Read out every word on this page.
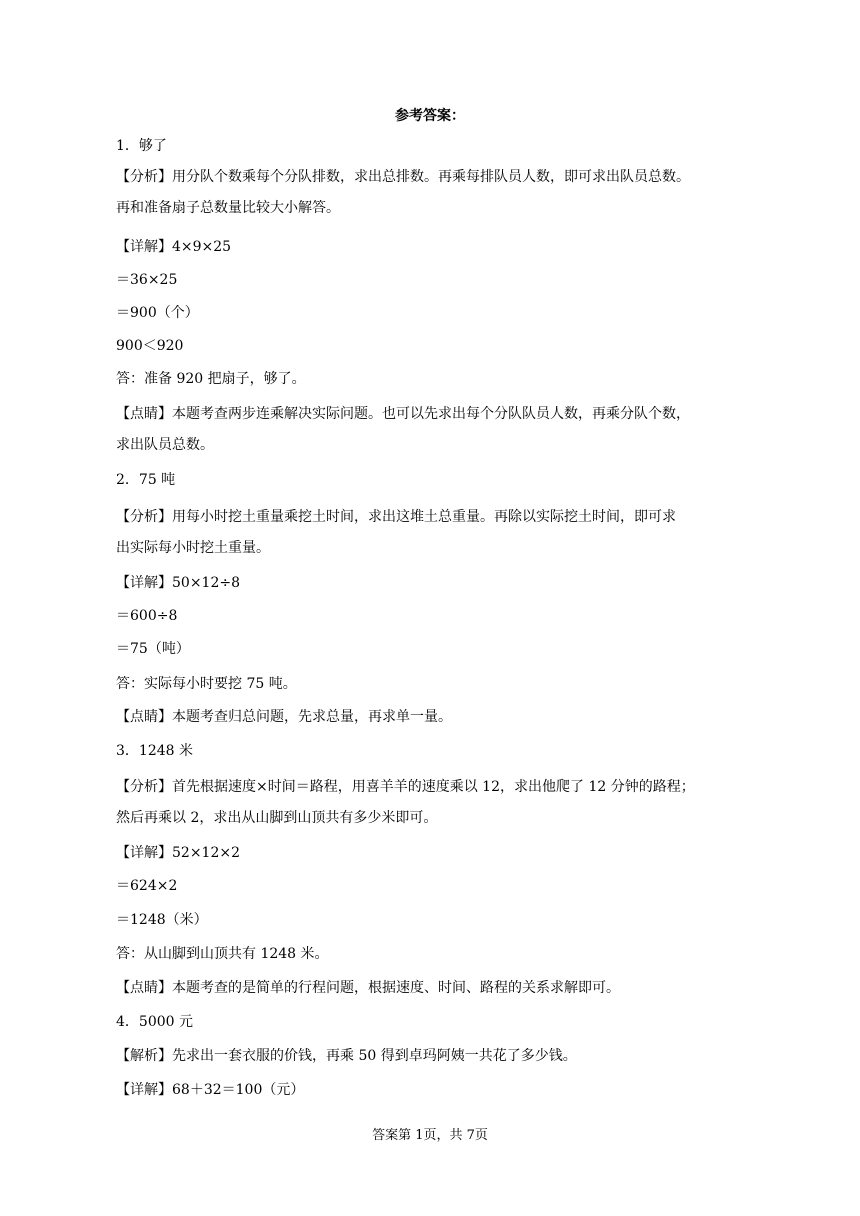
参考答案：
1．够了
【分析】用分队个数乘每个分队排数，求出总排数。再乘每排队员人数，即可求出队员总数。
再和准备扇子总数量比较大小解答。
【详解】4×9×25
＝36×25
＝900（个）
900＜920
答：准备 920 把扇子，够了。
【点睛】本题考查两步连乘解决实际问题。也可以先求出每个分队队员人数，再乘分队个数，
求出队员总数。
2．75 吨
【分析】用每小时挖土重量乘挖土时间，求出这堆土总重量。再除以实际挖土时间，即可求
出实际每小时挖土重量。
【详解】50×12÷8
＝600÷8
＝75（吨）
答：实际每小时要挖 75 吨。
【点睛】本题考查归总问题，先求总量，再求单一量。
3．1248 米
【分析】首先根据速度×时间＝路程，用喜羊羊的速度乘以 12，求出他爬了 12 分钟的路程；
然后再乘以 2，求出从山脚到山顶共有多少米即可。
【详解】52×12×2
＝624×2
＝1248（米）
答：从山脚到山顶共有 1248 米。
【点睛】本题考查的是简单的行程问题，根据速度、时间、路程的关系求解即可。
4．5000 元
【解析】先求出一套衣服的价钱，再乘 50 得到卓玛阿姨一共花了多少钱。
【详解】68＋32＝100（元）
答案第 1页，共 7页
